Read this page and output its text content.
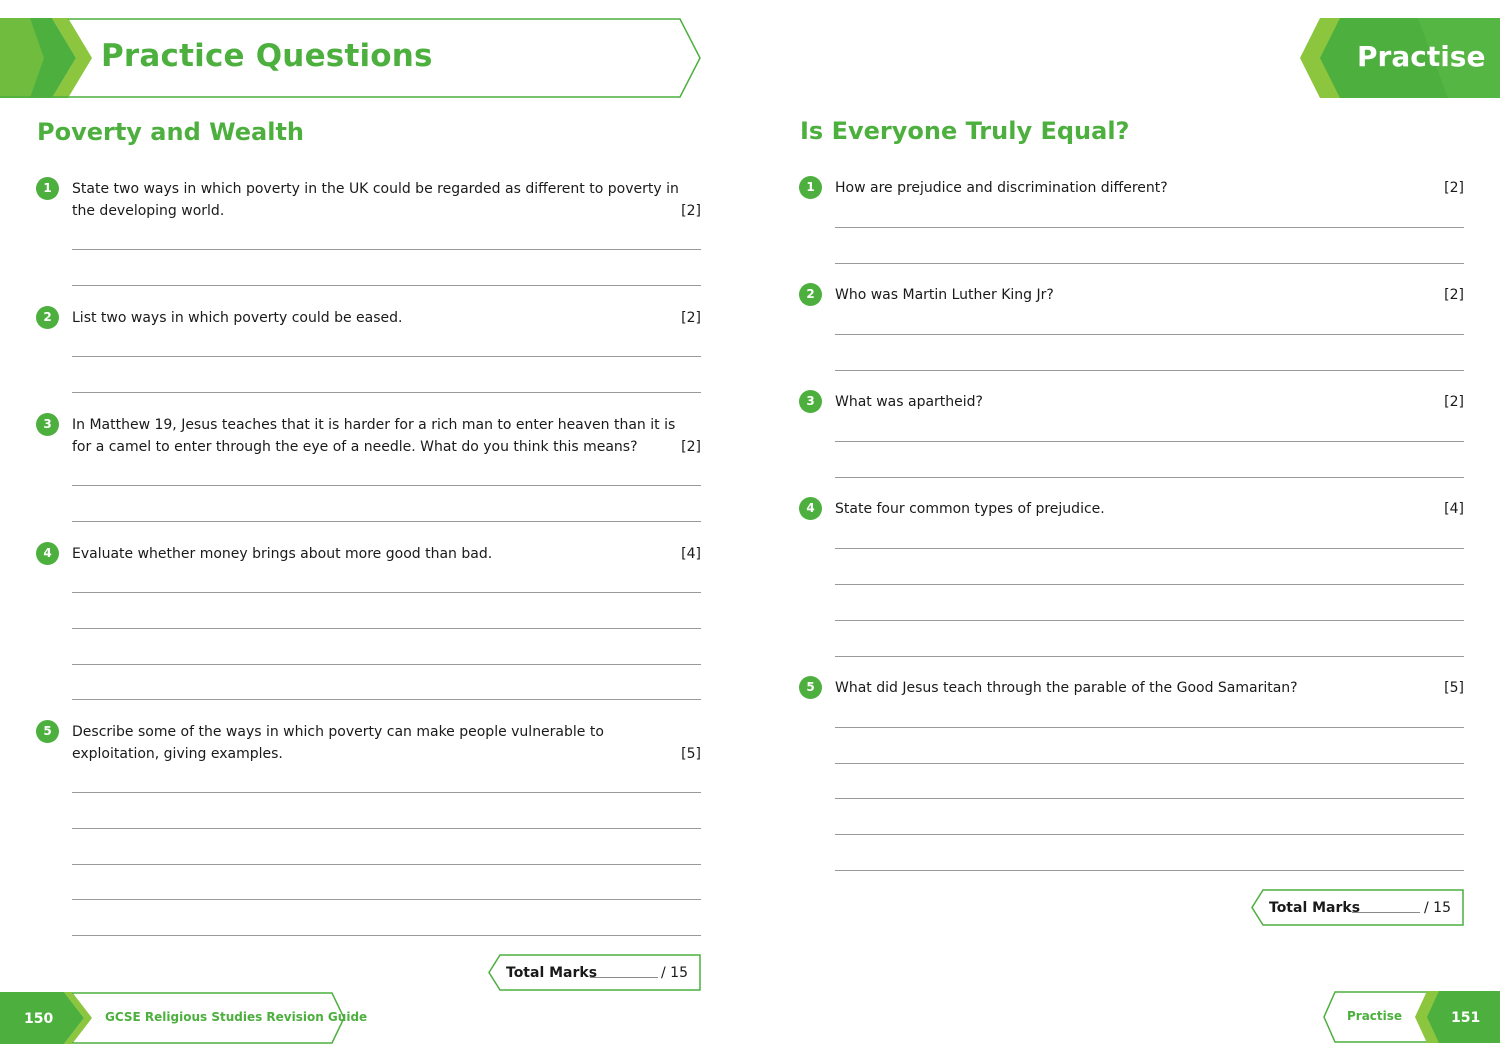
Practice Questions	Practise
Poverty and Wealth
1	State two ways in which poverty in the UK could be regarded as different to poverty in
the developing world.	[2]
2	List two ways in which poverty could be eased.	[2]
3	In Matthew 19, Jesus teaches that it is harder for a rich man to enter heaven than it is
for a camel to enter through the eye of a needle. What do you think this means?	[2]
4	Evaluate whether money brings about more good than bad.	[4]
5	Describe some of the ways in which poverty can make people vulnerable to
exploitation, giving examples.	[5]
Total Marks	/ 15
Is Everyone Truly Equal?
1	How are prejudice and discrimination different?	[2]
2	Who was Martin Luther King Jr?	[2]
3	What was apartheid?	[2]
4	State four common types of prejudice.	[4]
5	What did Jesus teach through the parable of the Good Samaritan?	[5]
Total Marks	/ 15
150	GCSE Religious Studies Revision Guide	Practise	151
